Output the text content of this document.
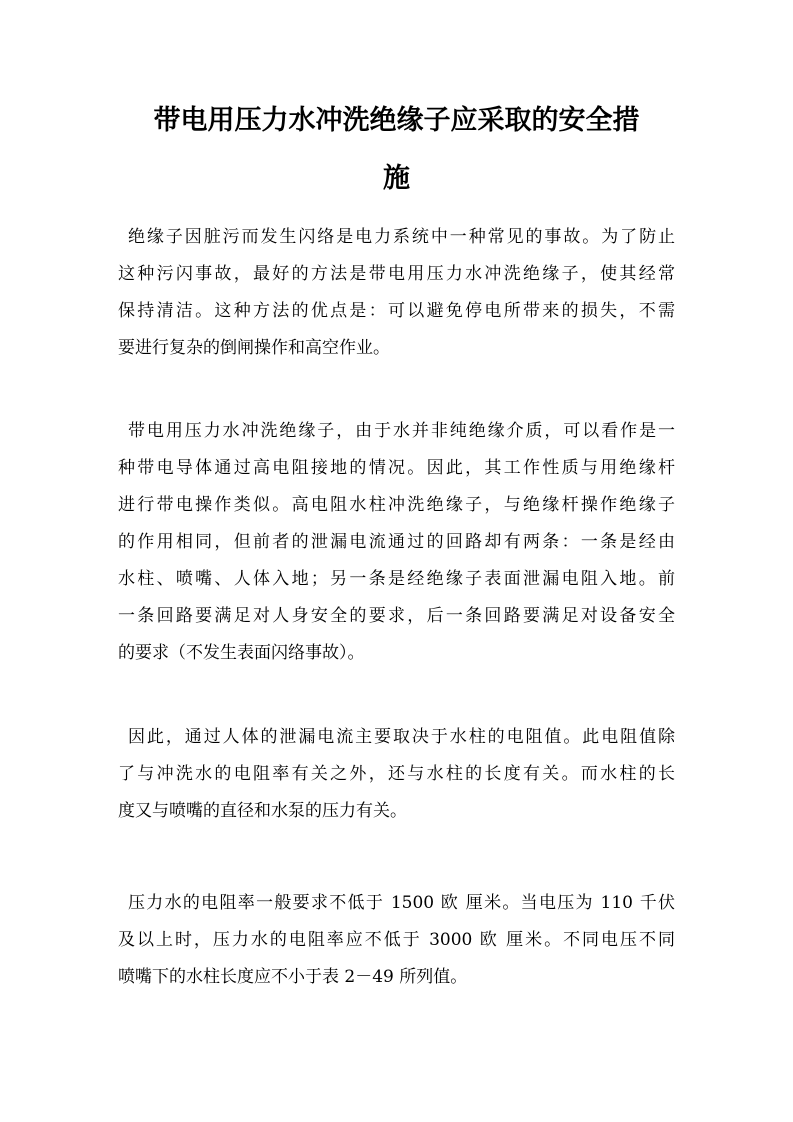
带电用压力水冲洗绝缘子应采取的安全措
施
绝缘子因脏污而发生闪络是电力系统中一种常见的事故。为了防止
这种污闪事故，最好的方法是带电用压力水冲洗绝缘子，使其经常
保持清洁。这种方法的优点是：可以避免停电所带来的损失，不需
要进行复杂的倒闸操作和高空作业。
带电用压力水冲洗绝缘子，由于水并非纯绝缘介质，可以看作是一
种带电导体通过高电阻接地的情况。因此，其工作性质与用绝缘杆
进行带电操作类似。高电阻水柱冲洗绝缘子，与绝缘杆操作绝缘子
的作用相同，但前者的泄漏电流通过的回路却有两条：一条是经由
水柱、喷嘴、人体入地；另一条是经绝缘子表面泄漏电阻入地。前
一条回路要满足对人身安全的要求，后一条回路要满足对设备安全
的要求（不发生表面闪络事故）。
因此，通过人体的泄漏电流主要取决于水柱的电阻值。此电阻值除
了与冲洗水的电阻率有关之外，还与水柱的长度有关。而水柱的长
度又与喷嘴的直径和水泵的压力有关。
压力水的电阻率一般要求不低于 1500 欧 厘米。当电压为 110 千伏
及以上时，压力水的电阻率应不低于 3000 欧 厘米。不同电压不同
喷嘴下的水柱长度应不小于表 2－49 所列值。
